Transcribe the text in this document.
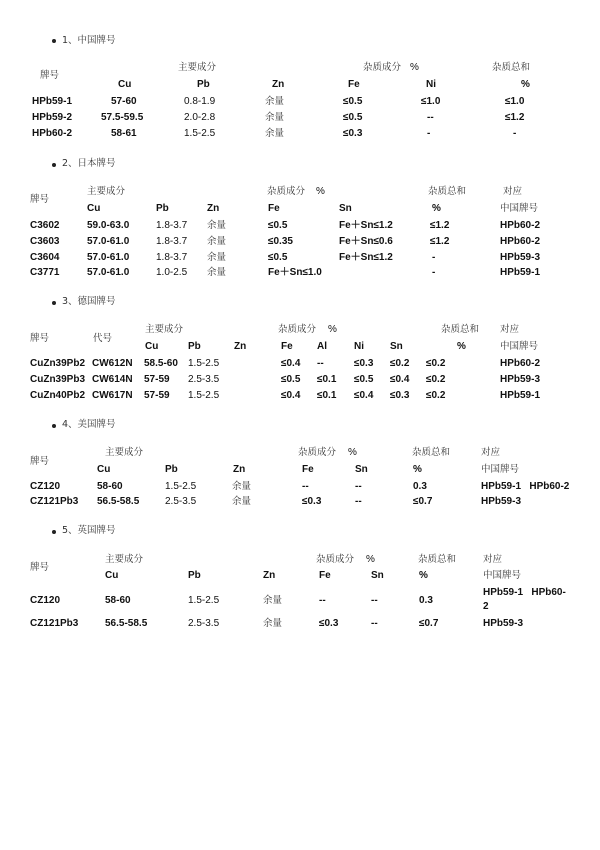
1、中国牌号
主要成分	杂质成分 %	杂质总和
牌号
Cu	Pb	Zn	Fe	Ni	%
HPb59-1	57-60	0.8-1.9	余量	≤0.5	≤1.0	≤1.0
HPb59-2	57.5-59.5	2.0-2.8	余量	≤0.5	--	≤1.2
HPb60-2	58-61	1.5-2.5	余量	≤0.3	-	-
2、日本牌号
主要成分	杂质成分 %	杂质总和	对应
牌号
Cu	Pb	Zn	Fe	Sn	%	中国牌号
C3602	59.0-63.0	1.8-3.7 余量	≤0.5	Fe＋Sn≤1.2	≤1.2	HPb60-2
C3603	57.0-61.0	1.8-3.7 余量	≤0.35	Fe＋Sn≤0.6	≤1.2	HPb60-2
C3604	57.0-61.0	1.8-3.7 余量	≤0.5	Fe＋Sn≤1.2	-	HPb59-3
C3771	57.0-61.0	1.0-2.5 余量	Fe＋Sn≤1.0	-	HPb59-1
3、德国牌号
主要成分	杂质成分 %	杂质总和 对应
牌号	代号
Cu	Pb	Zn	Fe Al	Ni	Sn	%	中国牌号
CuZn39Pb2 CW612N 58.5-60 1.5-2.5	≤0.4 --	≤0.3 ≤0.2 ≤0.2	HPb60-2
CuZn39Pb3 CW614N 57-59 2.5-3.5	≤0.5 ≤0.1 ≤0.5 ≤0.4 ≤0.2	HPb59-3
CuZn40Pb2 CW617N 57-59 1.5-2.5	≤0.4 ≤0.1 ≤0.4 ≤0.3 ≤0.2	HPb59-1
4、美国牌号
主要成分	杂质成分 %	杂质总和	对应
牌号
Cu	Pb	Zn	Fe	Sn	%	中国牌号
CZ120	58-60	1.5-2.5	余量	--	--	0.3	HPb59-1   HPb60-2
CZ121Pb3 56.5-58.5	2.5-3.5	余量	≤0.3	--	≤0.7	HPb59-3
5、英国牌号
主要成分	杂质成分 %	杂质总和	对应
牌号
Cu	Pb	Zn	Fe	Sn	%	中国牌号
CZ120	58-60	1.5-2.5	余量	--	--	0.3
HPb59-1   HPb60-
2
CZ121Pb3	56.5-58.5	2.5-3.5	余量	≤0.3	--	≤0.7	HPb59-3
